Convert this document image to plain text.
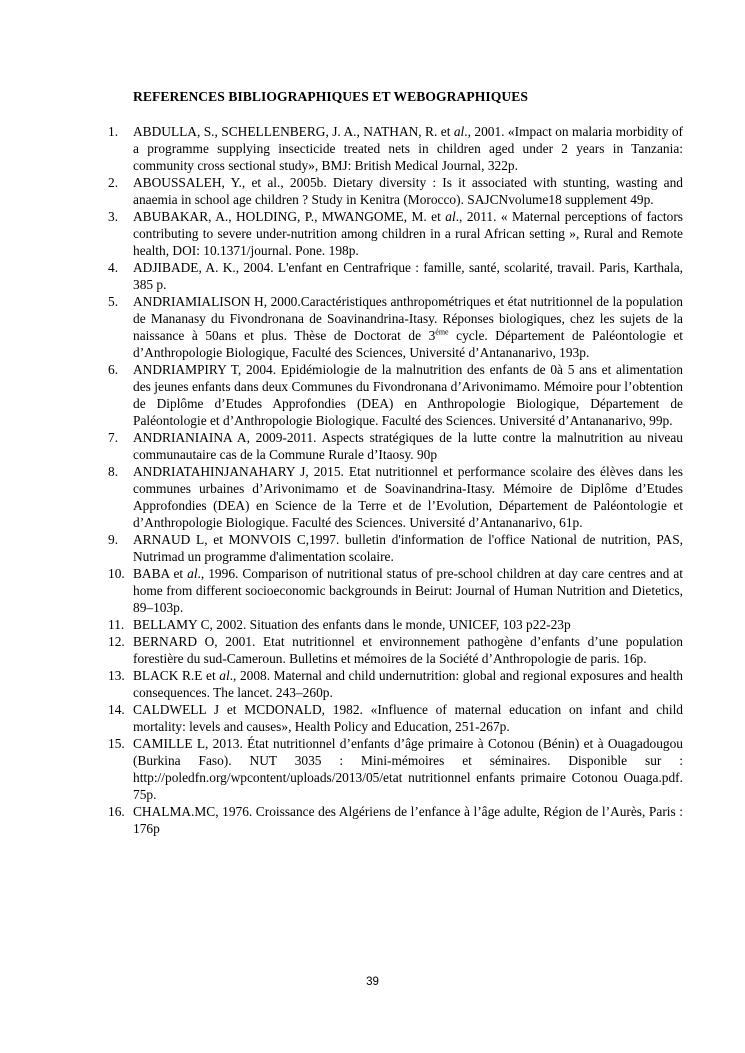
REFERENCES BIBLIOGRAPHIQUES ET WEBOGRAPHIQUES
1.	ABDULLA, S., SCHELLENBERG, J. A., NATHAN, R. et al., 2001. «Impact on malaria morbidity of a programme supplying insecticide treated nets in children aged under 2 years in Tanzania: community cross sectional study», BMJ: British Medical Journal, 322p.
2.	ABOUSSALEH, Y., et al., 2005b. Dietary diversity : Is it associated with stunting, wasting and anaemia in school age children ? Study in Kenitra (Morocco). SAJCNvolume18 supplement 49p.
3.	ABUBAKAR, A., HOLDING, P., MWANGOME, M. et al., 2011. « Maternal perceptions of factors contributing to severe under-nutrition among children in a rural African setting », Rural and Remote health, DOI: 10.1371/journal. Pone. 198p.
4.	ADJIBADE, A. K., 2004. L'enfant en Centrafrique : famille, santé, scolarité, travail. Paris, Karthala, 385 p.
5.	ANDRIAMIALISON H, 2000.Caractéristiques anthropométriques et état nutritionnel de la population de Mananasy du Fivondronana de Soavinandrina-Itasy. Réponses biologiques, chez les sujets de la naissance à 50ans et plus. Thèse de Doctorat de $3^{éme}$ cycle. Département de Paléontologie et d’Anthropologie Biologique, Faculté des Sciences, Université d’Antananarivo, 193p.
6.	ANDRIAMPIRY T, 2004. Epidémiologie de la malnutrition des enfants de 0à 5 ans et alimentation des jeunes enfants dans deux Communes du Fivondronana d’Arivonimamo. Mémoire pour l’obtention de Diplôme d’Etudes Approfondies (DEA) en Anthropologie Biologique, Département de Paléontologie et d’Anthropologie Biologique. Faculté des Sciences. Université d’Antananarivo, 99p.
7.	ANDRIANIAINA A, 2009-2011. Aspects stratégiques de la lutte contre la malnutrition au niveau communautaire cas de la Commune Rurale d’Itaosy. 90p
8.	ANDRIATAHINJANAHARY J, 2015. Etat nutritionnel et performance scolaire des élèves dans les communes urbaines d’Arivonimamo et de Soavinandrina-Itasy. Mémoire de Diplôme d’Etudes Approfondies (DEA) en Science de la Terre et de l’Evolution, Département de Paléontologie et d’Anthropologie Biologique. Faculté des Sciences. Université d’Antananarivo, 61p.
9.	ARNAUD L, et MONVOIS C,1997. bulletin d'information de l'office National de nutrition, PAS, Nutrimad un programme d'alimentation scolaire.
10. BABA et al., 1996. Comparison of nutritional status of pre-school children at day care centres and at home from different socioeconomic backgrounds in Beirut: Journal of Human Nutrition and Dietetics, 89–103p.
11. BELLAMY C, 2002. Situation des enfants dans le monde, UNICEF, 103 p22-23p
12. BERNARD O, 2001. Etat nutritionnel et environnement pathogène d’enfants d’une population forestière du sud-Cameroun. Bulletins et mémoires de la Société d’Anthropologie de paris. 16p.
13. BLACK R.E et al., 2008. Maternal and child undernutrition: global and regional exposures and health consequences. The lancet. 243–260p.
14. CALDWELL J et MCDONALD, 1982. «Influence of maternal education on infant and child mortality: levels and causes», Health Policy and Education, 251-267p.
15. CAMILLE L, 2013. État nutritionnel d’enfants d’âge primaire à Cotonou (Bénin) et à Ouagadougou (Burkina Faso). NUT 3035 : Mini-mémoires et séminaires. Disponible sur : http://poledfn.org/wpcontent/uploads/2013/05/etat nutritionnel enfants primaire Cotonou Ouaga.pdf. 75p.
16. CHALMA.MC, 1976. Croissance des Algériens de l’enfance à l’âge adulte, Région de l’Aurès, Paris : 176p
39
